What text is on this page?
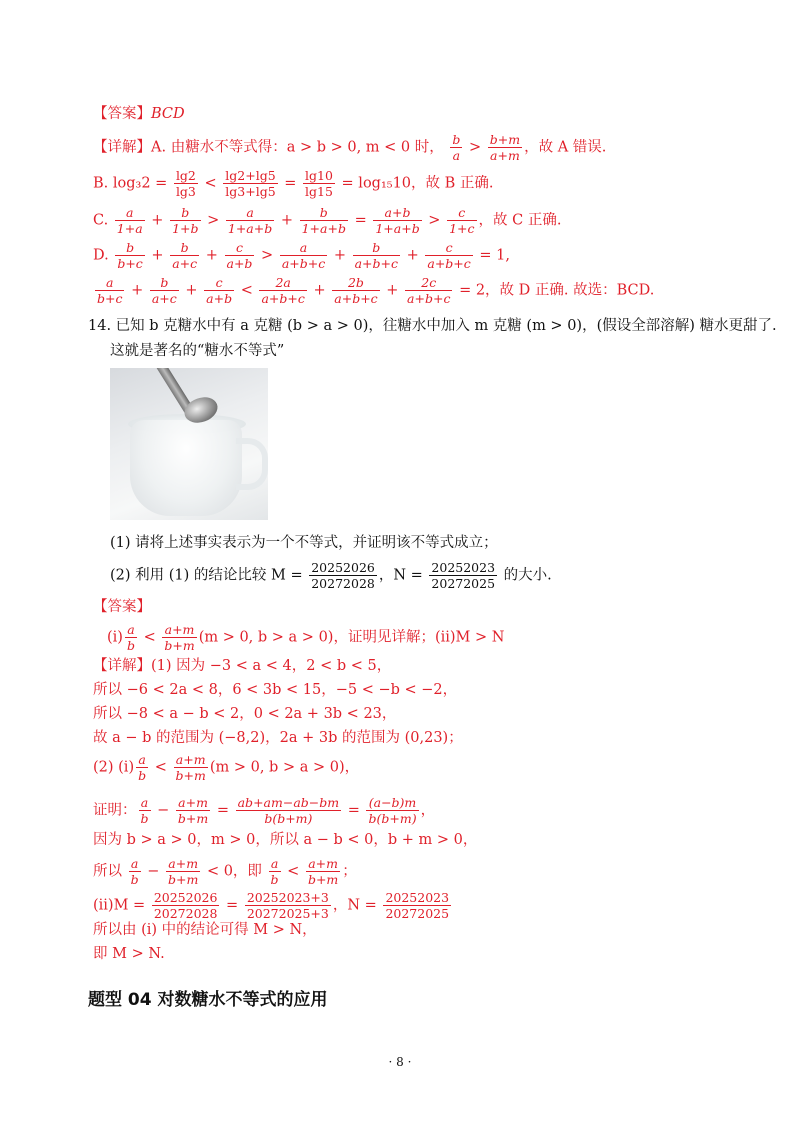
【答案】BCD
【详解】A. 由糖水不等式得：a > b > 0, m < 0 时， $\frac{b}{a} > \frac{b+m}{a+m}$ ，故 A 错误.
B. $\log_32 = \frac{\lg 2}{\lg 3} < \frac{\lg 2+\lg 5}{\lg 3+\lg 5} = \frac{\lg 10}{\lg 15} = \log_{15}10$，故 B 正确.
C. $\frac{a}{1+a} + \frac{b}{1+b} > \frac{a}{1+a+b} + \frac{b}{1+a+b} = \frac{a+b}{1+a+b} > \frac{c}{1+c}$ ，故 C 正确.
D. $\frac{b}{b+c} + \frac{b}{a+c} + \frac{c}{a+b} > \frac{a}{a+b+c} + \frac{b}{a+b+c} + \frac{c}{a+b+c} = 1$,
$\frac{a}{b+c} + \frac{b}{a+c} + \frac{c}{a+b} < \frac{2a}{a+b+c} + \frac{2b}{a+b+c} + \frac{2c}{a+b+c} = 2$，故 D 正确. 故选：BCD.
14. 已知 b 克糖水中有 a 克糖 (b > a > 0)，往糖水中加入 m 克糖 (m > 0)，(假设全部溶解) 糖水更甜了.
这就是著名的“糖水不等式”
(1) 请将上述事实表示为一个不等式，并证明该不等式成立；
(2) 利用 (1) 的结论比较 $M = \frac{20252026}{20272028}$ ，$N = \frac{20252023}{20272025}$ 的大小.
【答案】
$(i) \frac{a}{b} < \frac{a+m}{b+m} (m > 0$, b > a > 0)，证明见详解；(ii)M > N
【详解】(1) 因为 −3 < a < 4，2 < b < 5，
所以 −6 < 2a < 8，6 < 3b < 15，−5 < −b < −2，
所以 −8 < a − b < 2，0 < 2a + 3b < 23，
故 a − b 的范围为 (−8,2)，2a + 3b 的范围为 (0,23)；
(2) $(i) \frac{a}{b} < \frac{a+m}{b+m} (m > 0$, b > a > 0)，
证明： $\frac{a}{b} - \frac{a+m}{b+m} = \frac{ab+am-ab-bm}{b(b+m)} = \frac{(a-b)m}{b(b+m)}$ ，
因为 b > a > 0，m > 0，所以 a − b < 0，b + m > 0，
所以 $\frac{a}{b} - \frac{a+m}{b+m} < 0$，即 $\frac{a}{b} < \frac{a+m}{b+m}$ ；
$(ii)M = \frac{20252026}{20272028} = \frac{20252023+3}{20272025+3}$ ，$N = \frac{20252023}{20272025}$
所以由 (i) 中的结论可得 M > N，
即 M > N.
题型 04 对数糖水不等式的应用
· 8 ·
